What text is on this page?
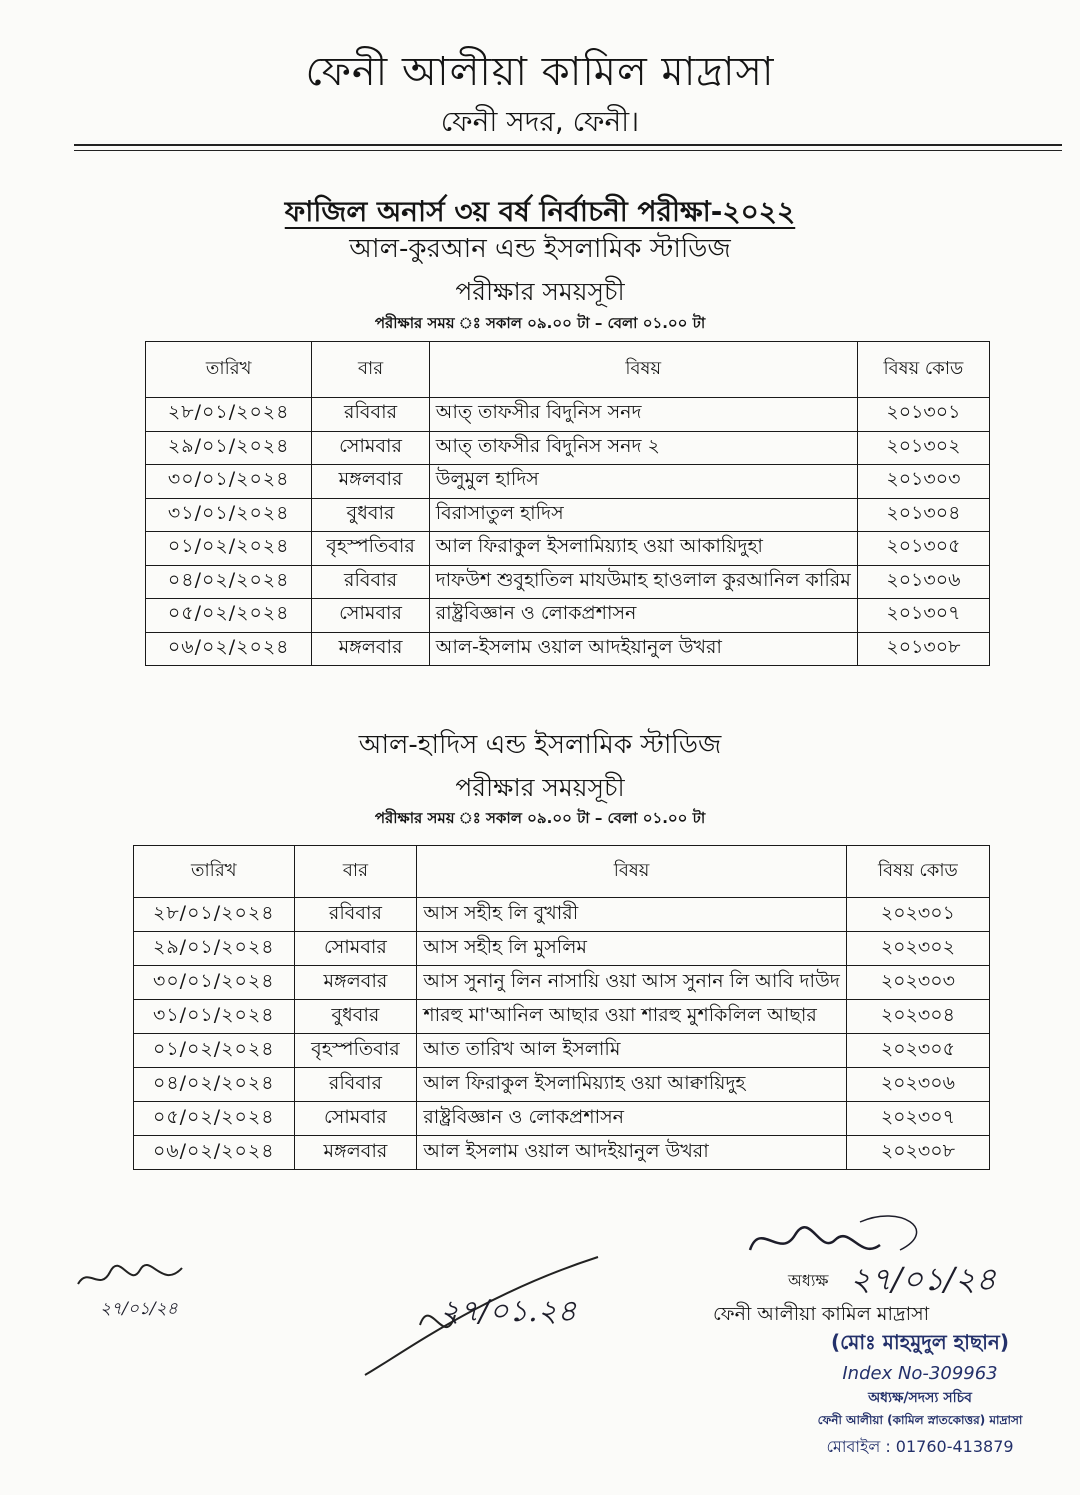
ফেনী আলীয়া কামিল মাদ্রাসা
ফেনী সদর, ফেনী।
ফাজিল অনার্স ৩য় বর্ষ নির্বাচনী পরীক্ষা-২০২২
আল-কুরআন এন্ড ইসলামিক স্টাডিজ
পরীক্ষার সময়সূচী
পরীক্ষার সময় ঃ সকাল ০৯.০০ টা – বেলা ০১.০০ টা
তারিখ	বার	বিষয়	বিষয় কোড
২৮/০১/২০২৪	রবিবার	আত্ তাফসীর বিদুনিস সনদ	২০১৩০১
২৯/০১/২০২৪	সোমবার	আত্ তাফসীর বিদুনিস সনদ ২	২০১৩০২
৩০/০১/২০২৪	মঙ্গলবার	উলুমুল হাদিস	২০১৩০৩
৩১/০১/২০২৪	বুধবার	বিরাসাতুল হাদিস	২০১৩০৪
০১/০২/২০২৪	বৃহস্পতিবার	আল ফিরাকুল ইসলামিয়্যাহ ওয়া আকায়িদুহা	২০১৩০৫
০৪/০২/২০২৪	রবিবার	দাফউশ শুবুহাতিল মাযউমাহ হাওলাল কুরআনিল কারিম	২০১৩০৬
০৫/০২/২০২৪	সোমবার	রাষ্ট্রবিজ্ঞান ও লোকপ্রশাসন	২০১৩০৭
০৬/০২/২০২৪	মঙ্গলবার	আল-ইসলাম ওয়াল আদইয়ানুল উখরা	২০১৩০৮
আল-হাদিস এন্ড ইসলামিক স্টাডিজ
পরীক্ষার সময়সূচী
পরীক্ষার সময় ঃ সকাল ০৯.০০ টা – বেলা ০১.০০ টা
তারিখ	বার	বিষয়	বিষয় কোড
২৮/০১/২০২৪	রবিবার	আস সহীহ লি বুখারী	২০২৩০১
২৯/০১/২০২৪	সোমবার	আস সহীহ লি মুসলিম	২০২৩০২
৩০/০১/২০২৪	মঙ্গলবার	আস সুনানু লিন নাসায়ি ওয়া আস সুনান লি আবি দাউদ	২০২৩০৩
৩১/০১/২০২৪	বুধবার	শারহু মা'আনিল আছার ওয়া শারহু মুশকিলিল আছার	২০২৩০৪
০১/০২/২০২৪	বৃহস্পতিবার	আত তারিখ আল ইসলামি	২০২৩০৫
০৪/০২/২০২৪	রবিবার	আল ফিরাকুল ইসলামিয়্যাহ ওয়া আক্বায়িদুহ	২০২৩০৬
০৫/০২/২০২৪	সোমবার	রাষ্ট্রবিজ্ঞান ও লোকপ্রশাসন	২০২৩০৭
০৬/০২/২০২৪	মঙ্গলবার	আল ইসলাম ওয়াল আদইয়ানুল উখরা	২০২৩০৮
২৭/০১/২৪	২৭/০১.২৪
অধ্যক্ষ ২৭/০১/২৪
ফেনী আলীয়া কামিল মাদ্রাসা
(মোঃ মাহমুদুল হাছান)
Index No-309963
অধ্যক্ষ/সদস্য সচিব
ফেনী আলীয়া (কামিল স্নাতকোত্তর) মাদ্রাসা
মোবাইল : 01760-413879
